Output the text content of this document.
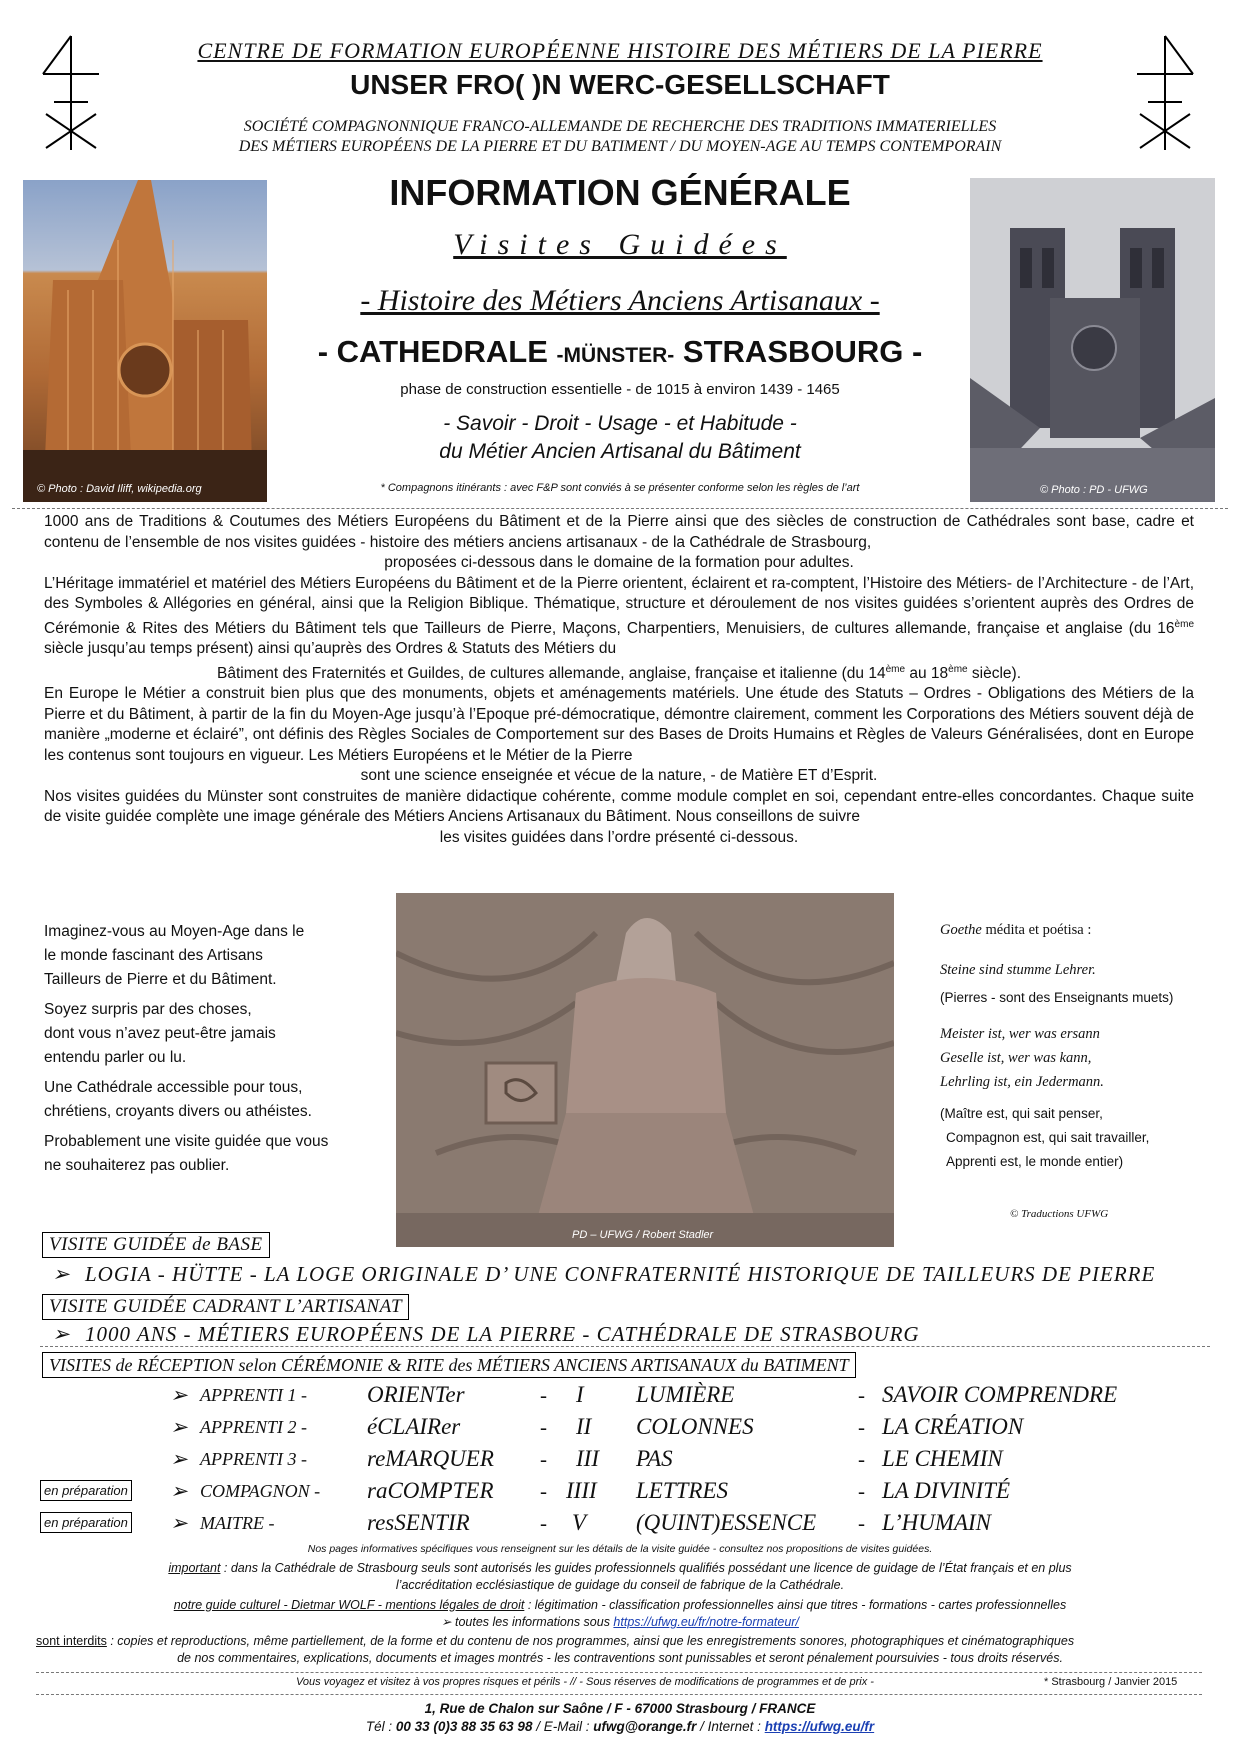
CENTRE DE FORMATION EUROPÉENNE HISTOIRE DES MÉTIERS DE LA PIERRE
UNSER FRO( )N WERC-GESELLSCHAFT
SOCIÉTÉ COMPAGNONNIQUE FRANCO-ALLEMANDE DE RECHERCHE DES TRADITIONS IMMATERIELLES
DES MÉTIERS EUROPÉENS DE LA PIERRE ET DU BATIMENT / DU MOYEN-AGE AU TEMPS CONTEMPORAIN
© Photo : David Iliff, wikipedia.org	© Photo : PD - UFWG
INFORMATION GÉNÉRALE
Visites Guidées
- Histoire des Métiers Anciens Artisanaux -
- CATHEDRALE -MÜNSTER- STRASBOURG -
phase de construction essentielle - de 1015 à environ 1439 - 1465
- Savoir - Droit - Usage - et Habitude -
du Métier Ancien Artisanal du Bâtiment
* Compagnons itinérants : avec F&P sont conviés à se présenter conforme selon les règles de l’art

1000 ans de Traditions & Coutumes des Métiers Européens du Bâtiment et de la Pierre ainsi que des siècles de construction de Cathédrales sont base, cadre et contenu de l’ensemble de nos visites guidées - histoire des métiers anciens artisanaux - de la Cathédrale de Strasbourg,

proposées ci-dessous dans le domaine de la formation pour adultes.

L’Héritage immatériel et matériel des Métiers Européens du Bâtiment et de la Pierre orientent, éclairent et ra-comptent, l’Histoire des Métiers- de l’Architecture - de l’Art, des Symboles & Allégories en général, ainsi que la Religion Biblique. Thématique, structure et déroulement de nos visites guidées s’orientent auprès des Ordres de Cérémonie & Rites des Métiers du Bâtiment tels que Tailleurs de Pierre, Maçons, Charpentiers, Menuisiers, de cultures allemande, française et anglaise (du 16ème siècle jusqu’au temps présent) ainsi qu’auprès des Ordres & Statuts des Métiers du

Bâtiment des Fraternités et Guildes, de cultures allemande, anglaise, française et italienne (du 14ème au 18ème siècle).

En Europe le Métier a construit bien plus que des monuments, objets et aménagements matériels. Une étude des Statuts – Ordres - Obligations des Métiers de la Pierre et du Bâtiment, à partir de la fin du Moyen-Age jusqu’à l’Epoque pré-démocratique, démontre clairement, comment les Corporations des Métiers souvent déjà de manière „moderne et éclairé”, ont définis des Règles Sociales de Comportement sur des Bases de Droits Humains et Règles de Valeurs Généralisées, dont en Europe les contenus sont toujours en vigueur. Les Métiers Européens et le Métier de la Pierre

sont une science enseignée et vécue de la nature, - de Matière ET d’Esprit.

Nos visites guidées du Münster sont construites de manière didactique cohérente, comme module complet en soi, cependant entre-elles concordantes. Chaque suite de visite guidée complète une image générale des Métiers Anciens Artisanaux du Bâtiment. Nous conseillons de suivre

les visites guidées dans l’ordre présenté ci-dessous.

Imaginez-vous au Moyen-Age dans le
le monde fascinant des Artisans
Tailleurs de Pierre et du Bâtiment.
Soyez surpris par des choses,
dont vous n’avez peut-être jamais
entendu parler ou lu.
Une Cathédrale accessible pour tous,
chrétiens, croyants divers ou athéistes.
Probablement une visite guidée que vous
ne souhaiterez pas oublier.
PD – UFWG / Robert Stadler
Goethe médita et poétisa :
Steine sind stumme Lehrer.
(Pierres - sont des Enseignants muets)
Meister ist, wer was ersann
Geselle ist, wer was kann,
Lehrling ist, ein Jedermann.
(Maître est, qui sait penser,
Compagnon est, qui sait travailler,
Apprenti est, le monde entier)
© Traductions UFWG
VISITE GUIDÉE de BASE
➢ LOGIA - HÜTTE - LA LOGE ORIGINALE D’ UNE CONFRATERNITÉ HISTORIQUE DE TAILLEURS DE PIERRE
VISITE GUIDÉE CADRANT L’ARTISANAT
➢ 1000 ANS - MÉTIERS EUROPÉENS DE LA PIERRE - CATHÉDRALE DE STRASBOURG
VISITES de RÉCEPTION selon CÉRÉMONIE & RITE des MÉTIERS ANCIENS ARTISANAUX du BATIMENT
➢ APPRENTI 1 -	ORIENTer	- I LUMIÈRE	- SAVOIR COMPRENDRE
➢ APPRENTI 2 -	éCLAIRer	- II COLONNES	- LA CRÉATION
➢ APPRENTI 3 -	reMARQUER - III PAS	- LE CHEMIN
en préparation ➢ COMPAGNON - raCOMPTER - IIII LETTRES	- LA DIVINITÉ
en préparation ➢ MAITRE -	resSENTIR	- V (QUINT)ESSENCE - L’HUMAIN
Nos pages informatives spécifiques vous renseignent sur les détails de la visite guidée - consultez nos propositions de visites guidées.
important : dans la Cathédrale de Strasbourg seuls sont autorisés les guides professionnels qualifiés possédant une licence de guidage de l’État français et en plus
l’accréditation ecclésiastique de guidage du conseil de fabrique de la Cathédrale.
notre guide culturel - Dietmar WOLF - mentions légales de droit : légitimation - classification professionnelles ainsi que titres - formations - cartes professionnelles
➢ toutes les informations sous https://ufwg.eu/fr/notre-formateur/
sont interdits : copies et reproductions, même partiellement, de la forme et du contenu de nos programmes, ainsi que les enregistrements sonores, photographiques et cinématographiques
de nos commentaires, explications, documents et images montrés - les contraventions sont punissables et seront pénalement poursuivies - tous droits réservés.
Vous voyagez et visitez à vos propres risques et périls - // - Sous réserves de modifications de programmes et de prix -	* Strasbourg / Janvier 2015
1, Rue de Chalon sur Saône / F - 67000 Strasbourg / FRANCE
Tél : 00 33 (0)3 88 35 63 98 / E-Mail : ufwg@orange.fr / Internet : https://ufwg.eu/fr
